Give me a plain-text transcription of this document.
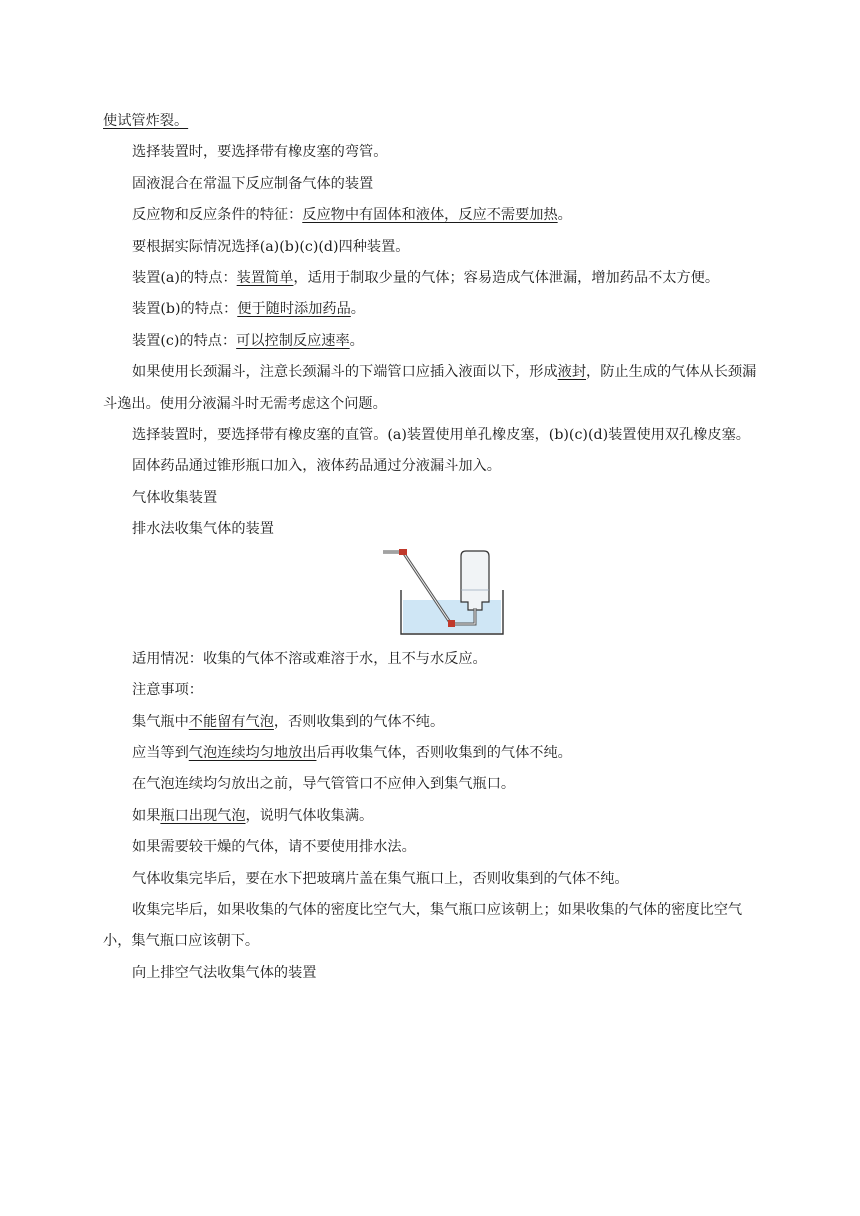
使试管炸裂。

选择装置时，要选择带有橡皮塞的弯管。

固液混合在常温下反应制备气体的装置

反应物和反应条件的特征：反应物中有固体和液体，反应不需要加热。

要根据实际情况选择(a)(b)(c)(d)四种装置。

装置(a)的特点：装置简单，适用于制取少量的气体；容易造成气体泄漏，增加药品不太方便。

装置(b)的特点：便于随时添加药品。

装置(c)的特点：可以控制反应速率。

如果使用长颈漏斗，注意长颈漏斗的下端管口应插入液面以下，形成液封，防止生成的气体从长颈漏斗逸出。使用分液漏斗时无需考虑这个问题。

选择装置时，要选择带有橡皮塞的直管。(a)装置使用单孔橡皮塞，(b)(c)(d)装置使用双孔橡皮塞。

固体药品通过锥形瓶口加入，液体药品通过分液漏斗加入。

气体收集装置

排水法收集气体的装置

适用情况：收集的气体不溶或难溶于水，且不与水反应。

注意事项：

集气瓶中不能留有气泡，否则收集到的气体不纯。

应当等到气泡连续均匀地放出后再收集气体，否则收集到的气体不纯。

在气泡连续均匀放出之前，导气管管口不应伸入到集气瓶口。

如果瓶口出现气泡，说明气体收集满。

如果需要较干燥的气体，请不要使用排水法。

气体收集完毕后，要在水下把玻璃片盖在集气瓶口上，否则收集到的气体不纯。

收集完毕后，如果收集的气体的密度比空气大，集气瓶口应该朝上；如果收集的气体的密度比空气小，集气瓶口应该朝下。

向上排空气法收集气体的装置
